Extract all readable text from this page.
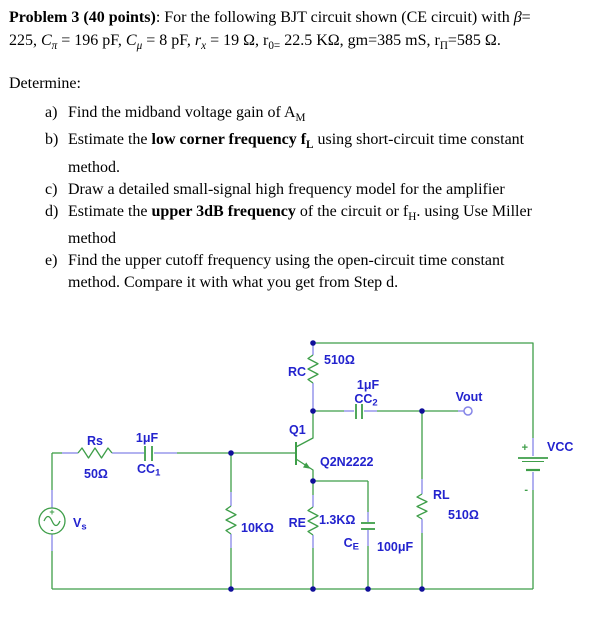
Problem 3 (40 points): For the following BJT circuit shown (CE circuit) with β=

225, $C_\pi = 196$ pF, $C_\mu = 8$ pF, $r_x = 19$ Ω, $r_{0=}$ 22.5 KΩ, gm=385 mS, $r_\Pi=585$ Ω.

Determine:

a) Find the midband voltage gain of $A_M$
b) Estimate the low corner frequency $f_L$ using short-circuit time constant method.
c) Draw a detailed small-signal high frequency model for the amplifier
d) Estimate the upper 3dB frequency of the circuit or $f_H$. using Use Miller method
e) Find the upper cutoff frequency using the open-circuit time constant method. Compare it with what you get from Step d.
+
-
+
-
Rs
50Ω
1μF
$CC_1$
RC
510Ω
1μF
$CC_2$
Q1
Q2N2222
10KΩ RE 1.3KΩ
$C_E$ 100μF
RL
510Ω
VCC
$V_s$
Vout
